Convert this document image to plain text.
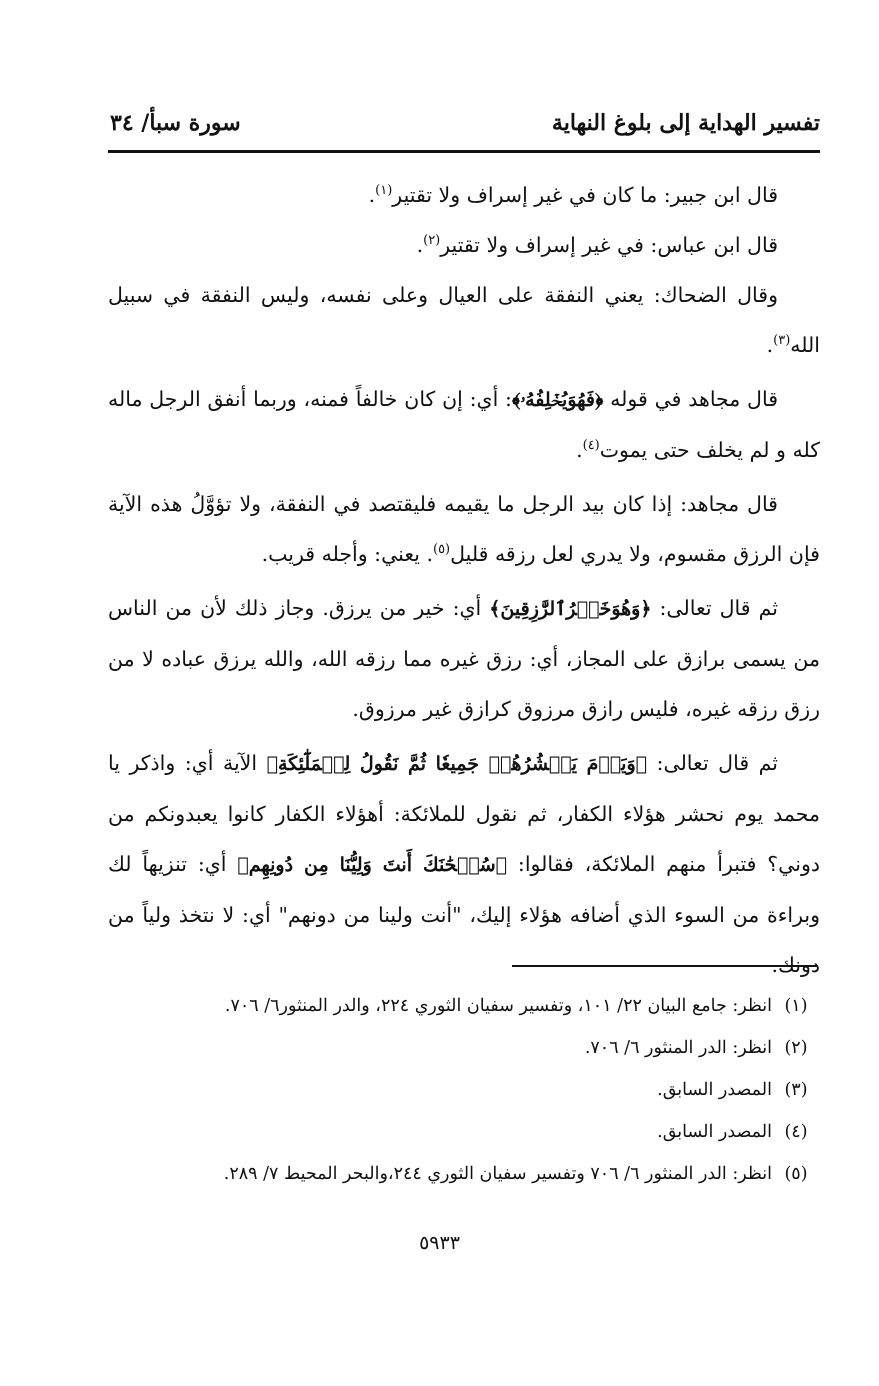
تفسير الهداية إلى بلوغ النهاية
سورة سبأ/ ٣٤

قال ابن جبير: ما كان في غير إسراف ولا تقتير$^{(١)}$.

قال ابن عباس: في غير إسراف ولا تقتير$^{(٢)}$.

وقال الضحاك: يعني النفقة على العيال وعلى نفسه، وليس النفقة في سبيل الله$^{(٣)}$.

قال مجاهد في قوله ﴿فَهُوَيُخۡلِفُهُۥ﴾: أي: إن كان خالفاً فمنه، وربما أنفق الرجل ماله كله و لم يخلف حتى يموت$^{(٤)}$.

قال مجاهد: إذا كان بيد الرجل ما يقيمه فليقتصد في النفقة، ولا تؤوَّلُ هذه الآية فإن الرزق مقسوم، ولا يدري لعل رزقه قليل$^{(٥)}$. يعني: وأجله قريب.

ثم قال تعالى: ﴿وَهُوَخَيۡرُٱلرَّٰزِقِينَ﴾ أي: خير من يرزق. وجاز ذلك لأن من الناس من يسمى برازق على المجاز، أي: رزق غيره مما رزقه الله، والله يرزق عباده لا من رزق رزقه غيره، فليس رازق مرزوق كرازق غير مرزوق.

ثم قال تعالى: ﴿وَيَوۡمَ يَحۡشُرُهُمۡ جَمِيعٗا ثُمَّ نَقُولُ لِلۡمَلَٰٓئِكَةِ﴾ الآية أي: واذكر يا محمد يوم نحشر هؤلاء الكفار، ثم نقول للملائكة: أهؤلاء الكفار كانوا يعبدونكم من دوني؟ فتبرأ منهم الملائكة، فقالوا: ﴿سُبۡحَٰنَكَ أَنتَ وَلِيُّنَا مِن دُونِهِم﴾ أي: تنزيهاً لك وبراءة من السوء الذي أضافه هؤلاء إليك، "أنت ولينا من دونهم" أي: لا نتخذ ولياً من دونك.

(١)
انظر: جامع البيان ٢٢/ ١٠١، وتفسير سفيان الثوري ٢٢٤، والدر المنثور٦/ ٧٠٦.
(٢)
انظر: الدر المنثور ٦/ ٧٠٦.
(٣)
المصدر السابق.
(٤)
المصدر السابق.
(٥)
انظر: الدر المنثور ٦/ ٧٠٦ وتفسير سفيان الثوري ٢٤٤،والبحر المحيط ٧/ ٢٨٩.
٥٩٣٣
